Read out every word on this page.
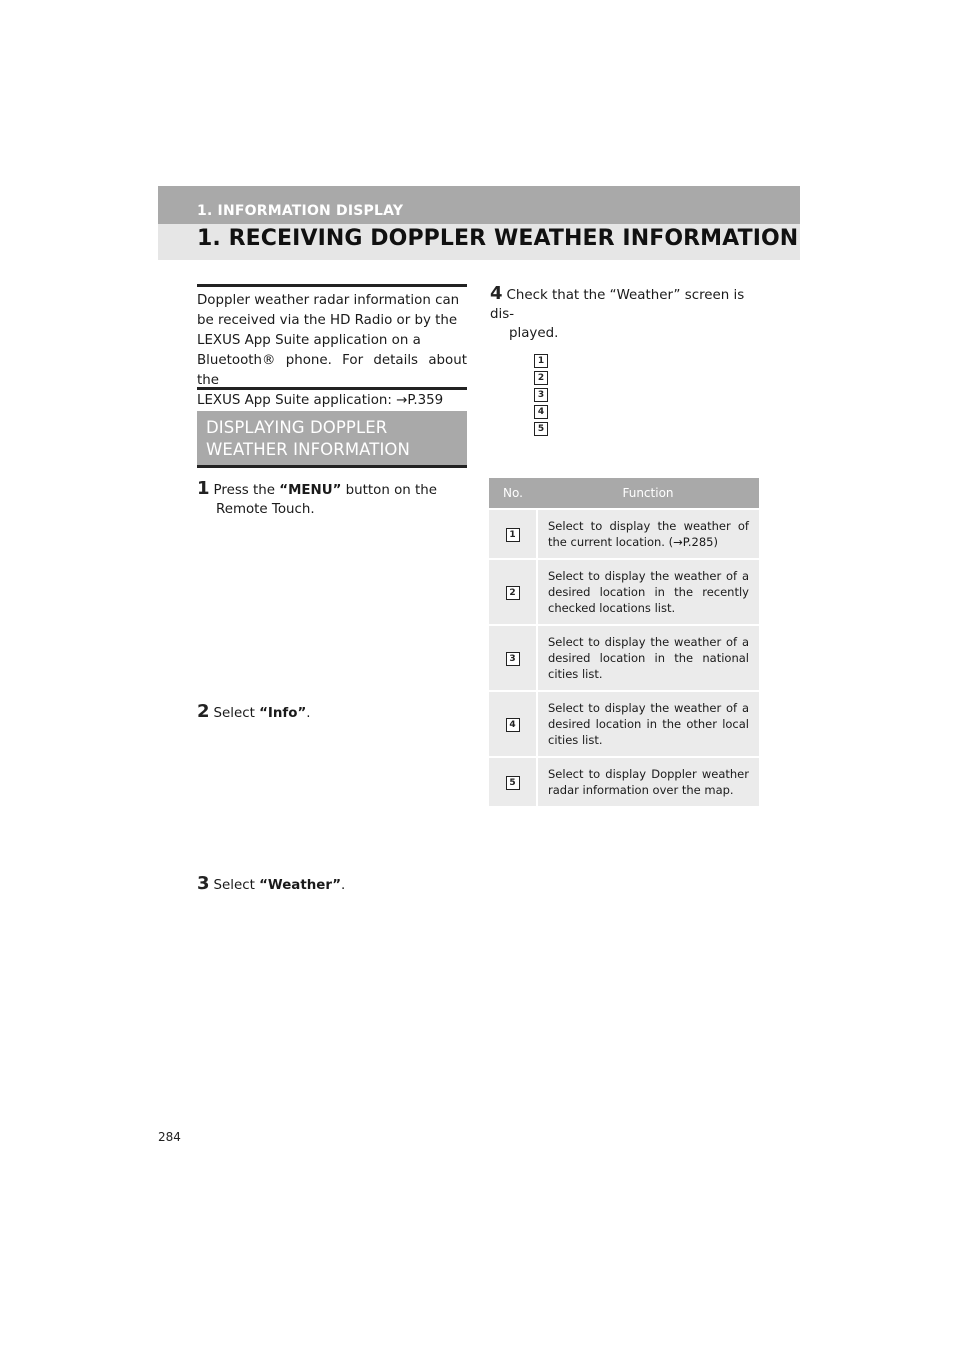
1. INFORMATION DISPLAY
1. RECEIVING DOPPLER WEATHER INFORMATION

Doppler weather radar information can

be received via the HD Radio or by the

LEXUS App Suite application on a

Bluetooth® phone. For details about the

LEXUS App Suite application: →P.359

DISPLAYING DOPPLER
WEATHER INFORMATION
1 Press the “MENU” button on the
Remote Touch.
2 Select “Info”.
3 Select “Weather”.
4 Check that the “Weather” screen is dis-
played.
1
2
3
4
5
No.	Function
1	Select to display the weather of the current location. (→P.285)
2	Select to display the weather of a desired location in the recently checked locations list.
3	Select to display the weather of a desired location in the national cities list.
4	Select to display the weather of a desired location in the other local cities list.
5	Select to display Doppler weather radar information over the map.
284
